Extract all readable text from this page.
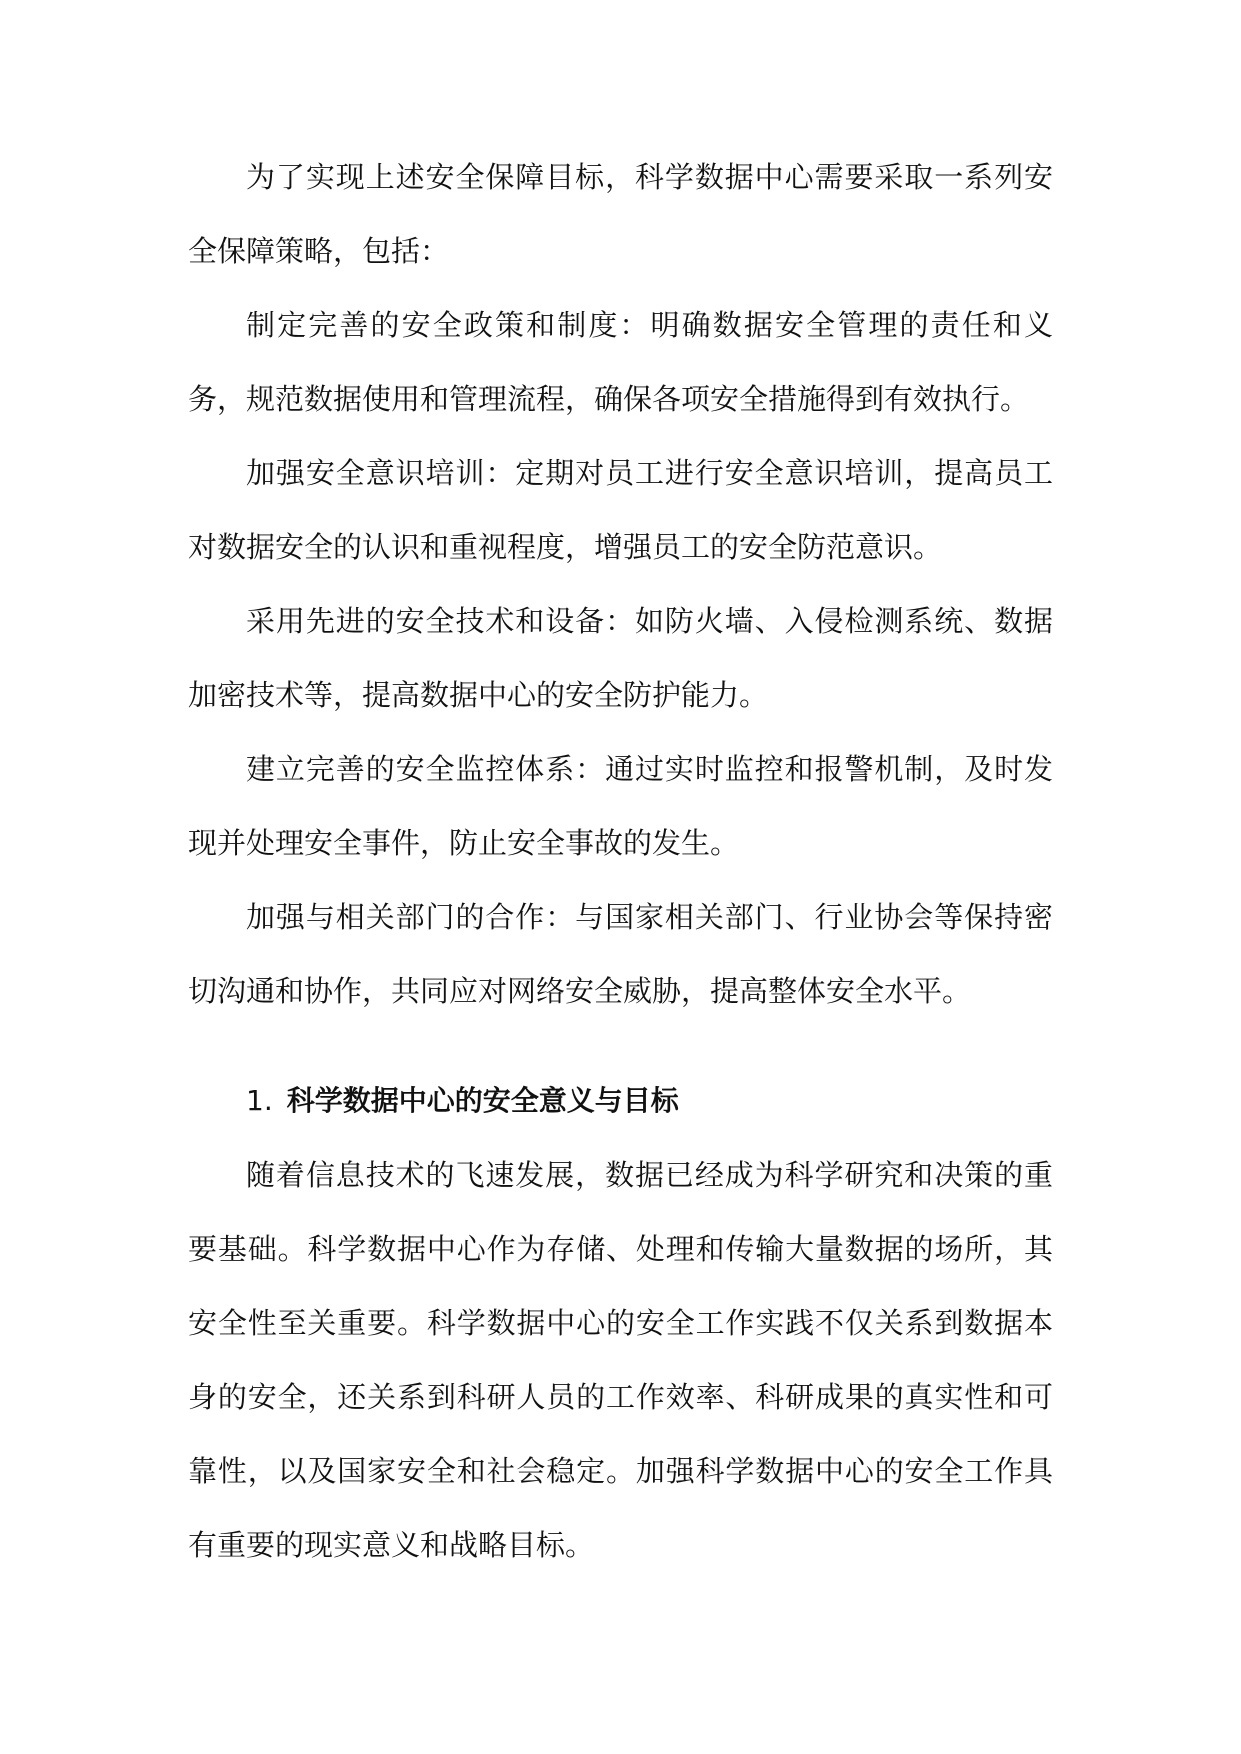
为了实现上述安全保障目标，科学数据中心需要采取一系列安全保障策略，包括：

制定完善的安全政策和制度：明确数据安全管理的责任和义务，规范数据使用和管理流程，确保各项安全措施得到有效执行。

加强安全意识培训：定期对员工进行安全意识培训，提高员工对数据安全的认识和重视程度，增强员工的安全防范意识。

采用先进的安全技术和设备：如防火墙、入侵检测系统、数据加密技术等，提高数据中心的安全防护能力。

建立完善的安全监控体系：通过实时监控和报警机制，及时发现并处理安全事件，防止安全事故的发生。

加强与相关部门的合作：与国家相关部门、行业协会等保持密切沟通和协作，共同应对网络安全威胁，提高整体安全水平。

1. 科学数据中心的安全意义与目标

随着信息技术的飞速发展，数据已经成为科学研究和决策的重要基础。科学数据中心作为存储、处理和传输大量数据的场所，其安全性至关重要。科学数据中心的安全工作实践不仅关系到数据本身的安全，还关系到科研人员的工作效率、科研成果的真实性和可靠性，以及国家安全和社会稳定。加强科学数据中心的安全工作具有重要的现实意义和战略目标。
